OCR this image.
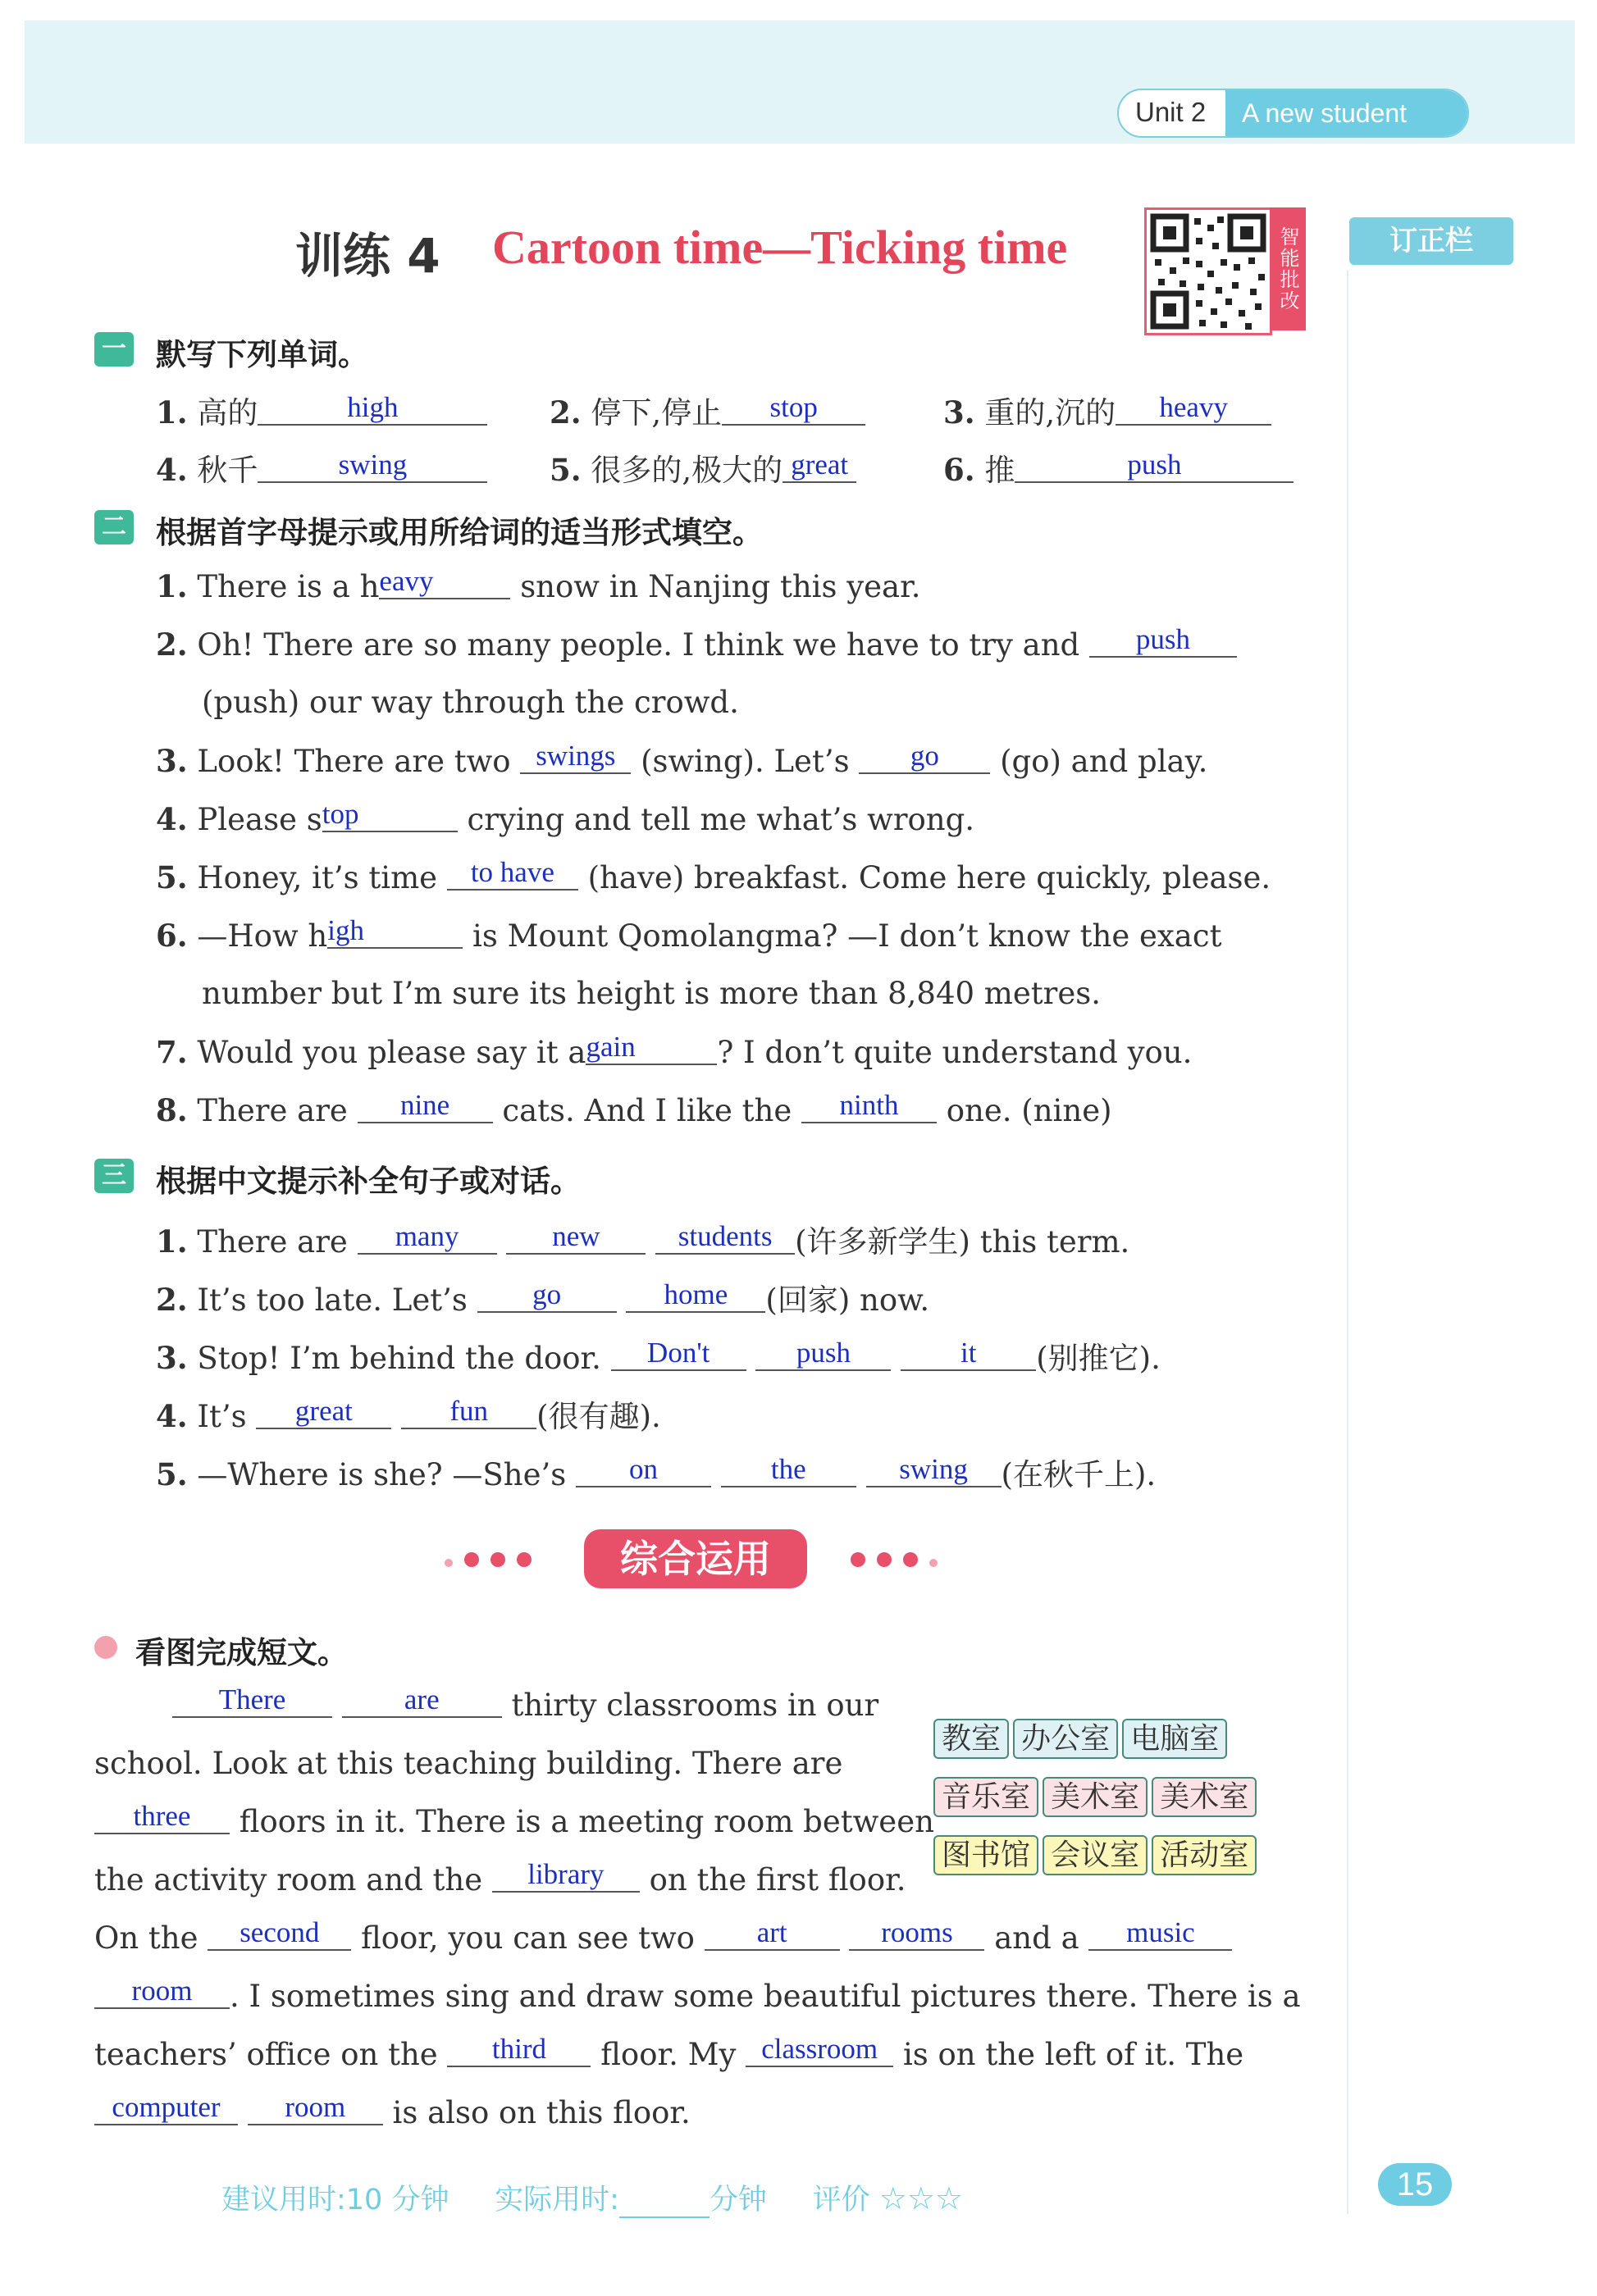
Unit 2	A new student
训练 4 Cartoon time—Ticking time	智能批改	订正栏
一 默写下列单词。
1. 高的	high	2. 停下,停止 stop	3. 重的,沉的 heavy
4. 秋千	swing	5. 很多的,极大的 great	6. 推	push
二 根据首字母提示或用所给词的适当形式填空。
1. There is a heavy	snow in Nanjing this year.
2. Oh! There are so many people. I think we have to try and push
(push) our way through the crowd.
3. Look! There are two swings (swing). Let’s go (go) and play.
4. Please stop	crying and tell me what’s wrong.
5. Honey, it’s time to have (have) breakfast. Come here quickly, please.
6. —How high	is Mount Qomolangma? —I don’t know the exact
number but I’m sure its height is more than 8,840 metres.
7. Would you please say it again	? I don’t quite understand you.
8. There are nine cats. And I like the ninth one. (nine)
三 根据中文提示补全句子或对话。
1. There are many	new	students (许多新学生) this term.
2. It’s too late. Let’s go	home (回家) now.
3. Stop! I’m behind the door. Don't	push	it (别推它).
4. It’s great	fun (很有趣).
5. —Where is she? —She’s on	the	swing (在秋千上).
综合运用
看图完成短文。
教室 办公室 电脑室
音乐室 美术室 美术室
图书馆 会议室 活动室
There	are thirty classrooms in our
school. Look at this teaching building. There are
three floors in it. There is a meeting room between
the activity room and the library on the first floor.
On the second floor, you can see two art	rooms and a music
room . I sometimes sing and draw some beautiful pictures there. There is a
teachers’ office on the third floor. My classroom is on the left of it. The
computer room is also on this floor.
建议用时:10 分钟 实际用时:	分钟 评价 ☆☆☆	15
